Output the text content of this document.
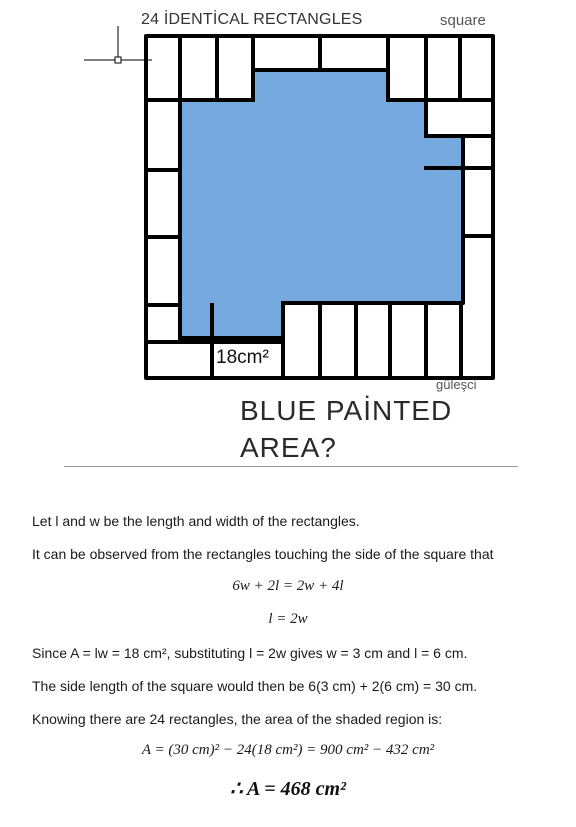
24 İDENTİCAL RECTANGLES	square
18cm²
güleşci
BLUE PAİNTED
AREA?
Let l and w be the length and width of the rectangles.
It can be observed from the rectangles touching the side of the square that
6w + 2l = 2w + 4l
l = 2w
Since A = lw = 18 cm², substituting l = 2w gives w = 3 cm and l = 6 cm.
The side length of the square would then be 6(3 cm) + 2(6 cm) = 30 cm.
Knowing there are 24 rectangles, the area of the shaded region is:
A = (30 cm)² − 24(18 cm²) = 900 cm² − 432 cm²
∴ A = 468 cm²
